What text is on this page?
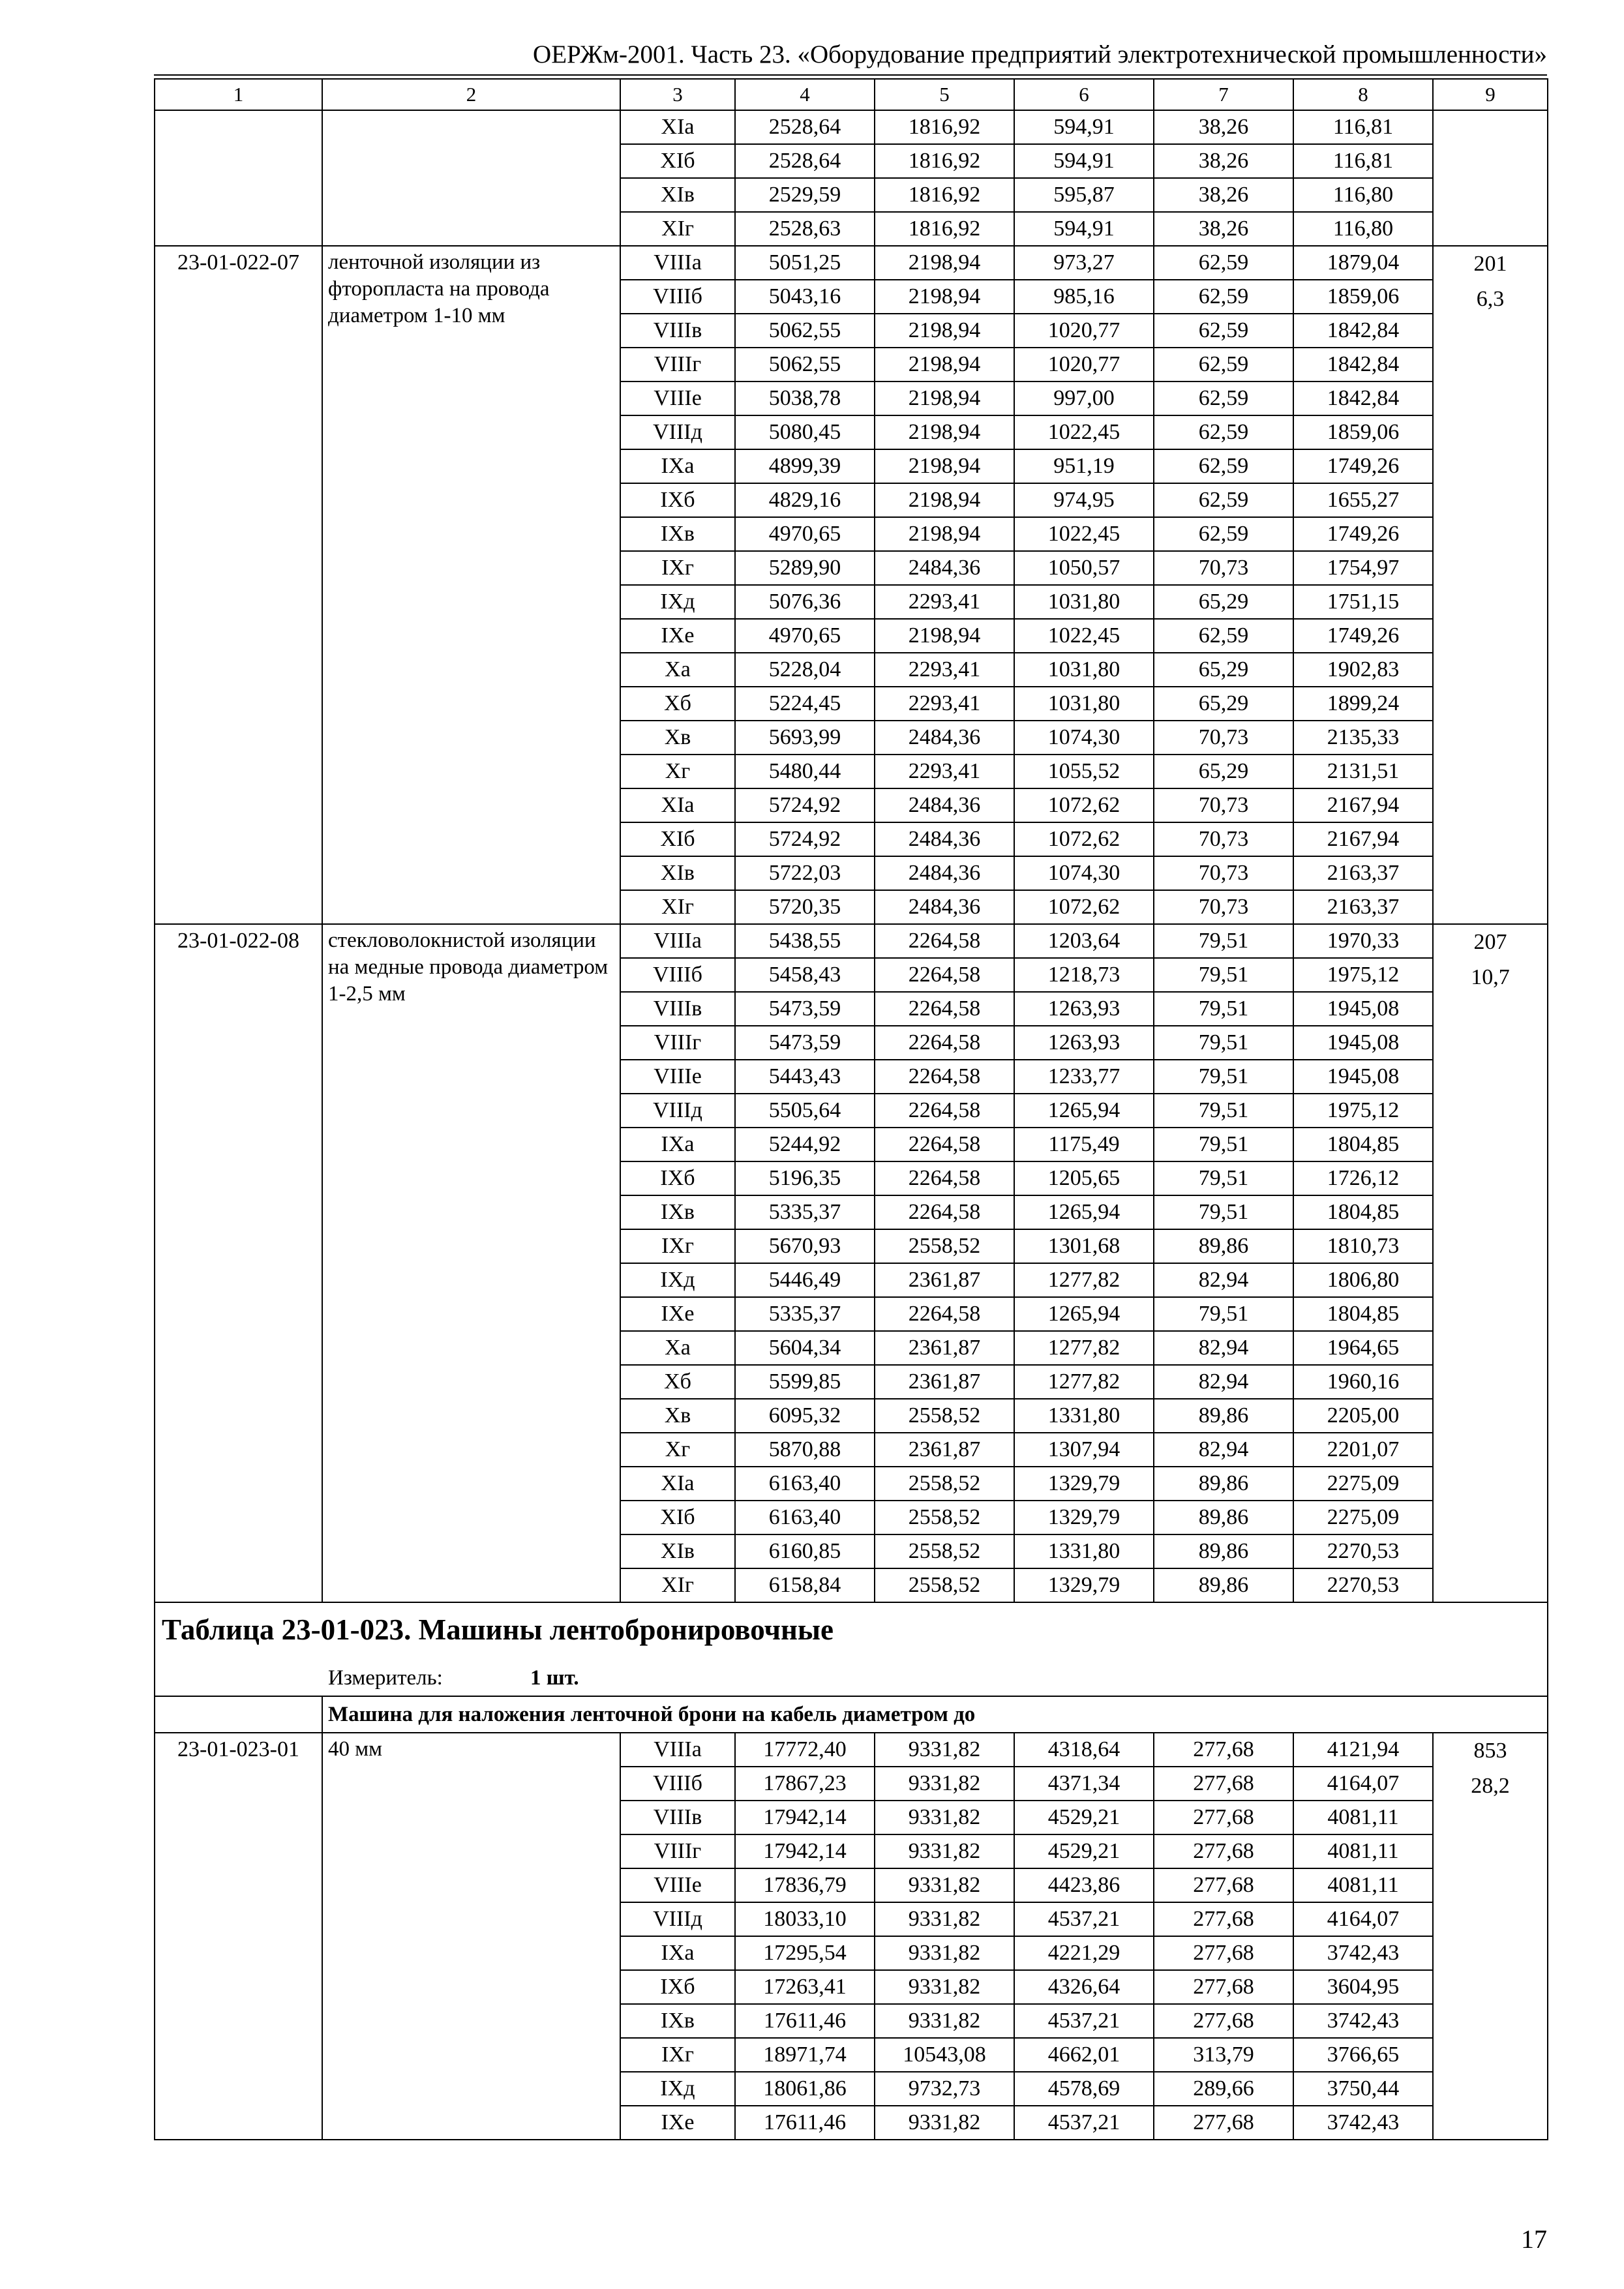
ОЕРЖм-2001. Часть 23. «Оборудование предприятий электротехнической промышленности»
1	2	3	4	5	6	7	8	9
		XIа	2528,64	1816,92	594,91	38,26	116,81	
		XIб	2528,64	1816,92	594,91	38,26	116,81	
		XIв	2529,59	1816,92	595,87	38,26	116,80	
		XIг	2528,63	1816,92	594,91	38,26	116,80	
23-01-022-07	ленточной изоляции из фторопласта на провода диаметром 1-10 мм	VIIIа	5051,25	2198,94	973,27	62,59	1879,04	201
6,3

		VIIIб	5043,16	2198,94	985,16	62,59	1859,06	
		VIIIв	5062,55	2198,94	1020,77	62,59	1842,84	
		VIIIг	5062,55	2198,94	1020,77	62,59	1842,84	
		VIIIе	5038,78	2198,94	997,00	62,59	1842,84	
		VIIIд	5080,45	2198,94	1022,45	62,59	1859,06	
		IXа	4899,39	2198,94	951,19	62,59	1749,26	
		IXб	4829,16	2198,94	974,95	62,59	1655,27	
		IXв	4970,65	2198,94	1022,45	62,59	1749,26	
		IXг	5289,90	2484,36	1050,57	70,73	1754,97	
		IXд	5076,36	2293,41	1031,80	65,29	1751,15	
		IXе	4970,65	2198,94	1022,45	62,59	1749,26	
		Xа	5228,04	2293,41	1031,80	65,29	1902,83	
		Xб	5224,45	2293,41	1031,80	65,29	1899,24	
		Xв	5693,99	2484,36	1074,30	70,73	2135,33	
		Xг	5480,44	2293,41	1055,52	65,29	2131,51	
		XIа	5724,92	2484,36	1072,62	70,73	2167,94	
		XIб	5724,92	2484,36	1072,62	70,73	2167,94	
		XIв	5722,03	2484,36	1074,30	70,73	2163,37	
		XIг	5720,35	2484,36	1072,62	70,73	2163,37	
23-01-022-08	стекловолокнистой изоляции на медные провода диаметром 1-2,5 мм	VIIIа	5438,55	2264,58	1203,64	79,51	1970,33	207
10,7

		VIIIб	5458,43	2264,58	1218,73	79,51	1975,12	
		VIIIв	5473,59	2264,58	1263,93	79,51	1945,08	
		VIIIг	5473,59	2264,58	1263,93	79,51	1945,08	
		VIIIе	5443,43	2264,58	1233,77	79,51	1945,08	
		VIIIд	5505,64	2264,58	1265,94	79,51	1975,12	
		IXа	5244,92	2264,58	1175,49	79,51	1804,85	
		IXб	5196,35	2264,58	1205,65	79,51	1726,12	
		IXв	5335,37	2264,58	1265,94	79,51	1804,85	
		IXг	5670,93	2558,52	1301,68	89,86	1810,73	
		IXд	5446,49	2361,87	1277,82	82,94	1806,80	
		IXе	5335,37	2264,58	1265,94	79,51	1804,85	
		Xа	5604,34	2361,87	1277,82	82,94	1964,65	
		Xб	5599,85	2361,87	1277,82	82,94	1960,16	
		Xв	6095,32	2558,52	1331,80	89,86	2205,00	
		Xг	5870,88	2361,87	1307,94	82,94	2201,07	
		XIа	6163,40	2558,52	1329,79	89,86	2275,09	
		XIб	6163,40	2558,52	1329,79	89,86	2275,09	
		XIв	6160,85	2558,52	1331,80	89,86	2270,53	
		XIг	6158,84	2558,52	1329,79	89,86	2270,53	
Таблица 23-01-023. Машины лентобронировочные								

Измеритель: 1 шт.								

	Машина для наложения ленточной брони на кабель диаметром до							
23-01-023-01	40 мм	VIIIа	17772,40	9331,82	4318,64	277,68	4121,94	853
28,2

		VIIIб	17867,23	9331,82	4371,34	277,68	4164,07	
		VIIIв	17942,14	9331,82	4529,21	277,68	4081,11	
		VIIIг	17942,14	9331,82	4529,21	277,68	4081,11	
		VIIIе	17836,79	9331,82	4423,86	277,68	4081,11	
		VIIIд	18033,10	9331,82	4537,21	277,68	4164,07	
		IXа	17295,54	9331,82	4221,29	277,68	3742,43	
		IXб	17263,41	9331,82	4326,64	277,68	3604,95	
		IXв	17611,46	9331,82	4537,21	277,68	3742,43	
		IXг	18971,74	10543,08	4662,01	313,79	3766,65	
		IXд	18061,86	9732,73	4578,69	289,66	3750,44	
		IXе	17611,46	9331,82	4537,21	277,68	3742,43	
17
